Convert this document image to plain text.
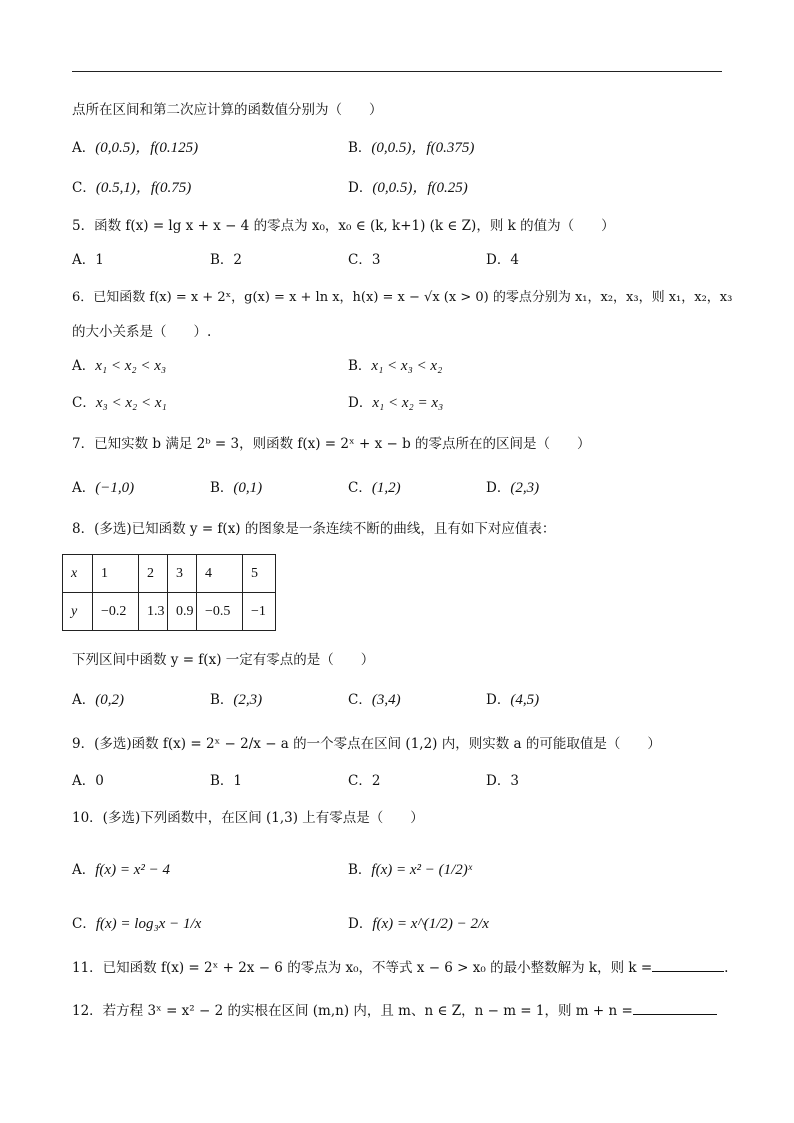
点所在区间和第二次应计算的函数值分别为（　　）
A．(0,0.5)，f(0.125)	B．(0,0.5)，f(0.375)
C．(0.5,1)，f(0.75)	D．(0,0.5)，f(0.25)
5．函数 f(x) = lg x + x − 4 的零点为 x₀，x₀ ∈ (k, k+1) (k ∈ Z)，则 k 的值为（　　）
A．1	B．2	C．3	D．4
6．已知函数 f(x) = x + 2ˣ，g(x) = x + ln x，h(x) = x − √x (x > 0) 的零点分别为 x₁，x₂，x₃，则 x₁，x₂，x₃
的大小关系是（　　）.
A．x₁ < x₂ < x₃	B．x₁ < x₃ < x₂
C．x₃ < x₂ < x₁	D．x₁ < x₂ = x₃
7．已知实数 b 满足 2ᵇ = 3，则函数 f(x) = 2ˣ + x − b 的零点所在的区间是（　　）
A．(−1,0)	B．(0,1)	C．(1,2)	D．(2,3)
8．(多选)已知函数 y = f(x) 的图象是一条连续不断的曲线，且有如下对应值表：
x	1	2	3	4	5
y	−0.2	1.3	0.9	−0.5	−1
下列区间中函数 y = f(x) 一定有零点的是（　　）
A．(0,2)	B．(2,3)	C．(3,4)	D．(4,5)
9．(多选)函数 f(x) = 2ˣ − 2/x − a 的一个零点在区间 (1,2) 内，则实数 a 的可能取值是（　　）
A．0	B．1	C．2	D．3
10．(多选)下列函数中，在区间 (1,3) 上有零点是（　　）
A．f(x) = x² − 4	B．f(x) = x² − (1/2)ˣ
C．f(x) = log₃x − 1/x	D．f(x) = x^(1/2) − 2/x
11．已知函数 f(x) = 2ˣ + 2x − 6 的零点为 x₀，不等式 x − 6 > x₀ 的最小整数解为 k，则 k =	.
12．若方程 3ˣ = x² − 2 的实根在区间 (m,n) 内，且 m、n ∈ Z，n − m = 1，则 m + n =
